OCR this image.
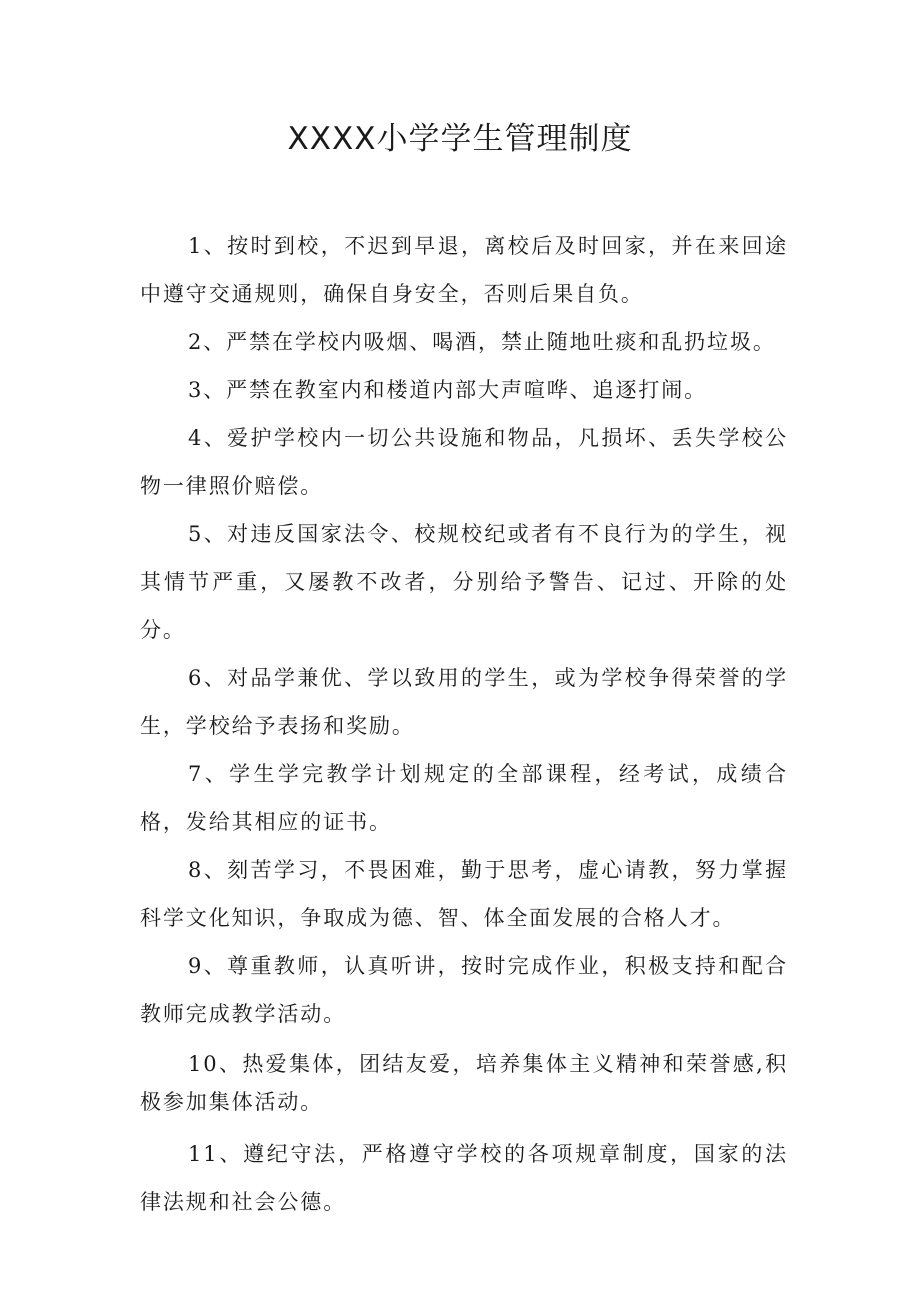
XXXX小学学生管理制度
1、按时到校，不迟到早退，离校后及时回家，并在来回途中遵守交通规则，确保自身安全，否则后果自负。
2、严禁在学校内吸烟、喝酒，禁止随地吐痰和乱扔垃圾。
3、严禁在教室内和楼道内部大声喧哗、追逐打闹。
4、爱护学校内一切公共设施和物品，凡损坏、丢失学校公物一律照价赔偿。
5、对违反国家法令、校规校纪或者有不良行为的学生，视其情节严重，又屡教不改者，分别给予警告、记过、开除的处分。
6、对品学兼优、学以致用的学生，或为学校争得荣誉的学生，学校给予表扬和奖励。
7、学生学完教学计划规定的全部课程，经考试，成绩合格，发给其相应的证书。
8、刻苦学习，不畏困难，勤于思考，虚心请教，努力掌握科学文化知识，争取成为德、智、体全面发展的合格人才。
9、尊重教师，认真听讲，按时完成作业，积极支持和配合教师完成教学活动。
10、热爱集体，团结友爱，培养集体主义精神和荣誉感,积极参加集体活动。
11、遵纪守法，严格遵守学校的各项规章制度，国家的法律法规和社会公德。
